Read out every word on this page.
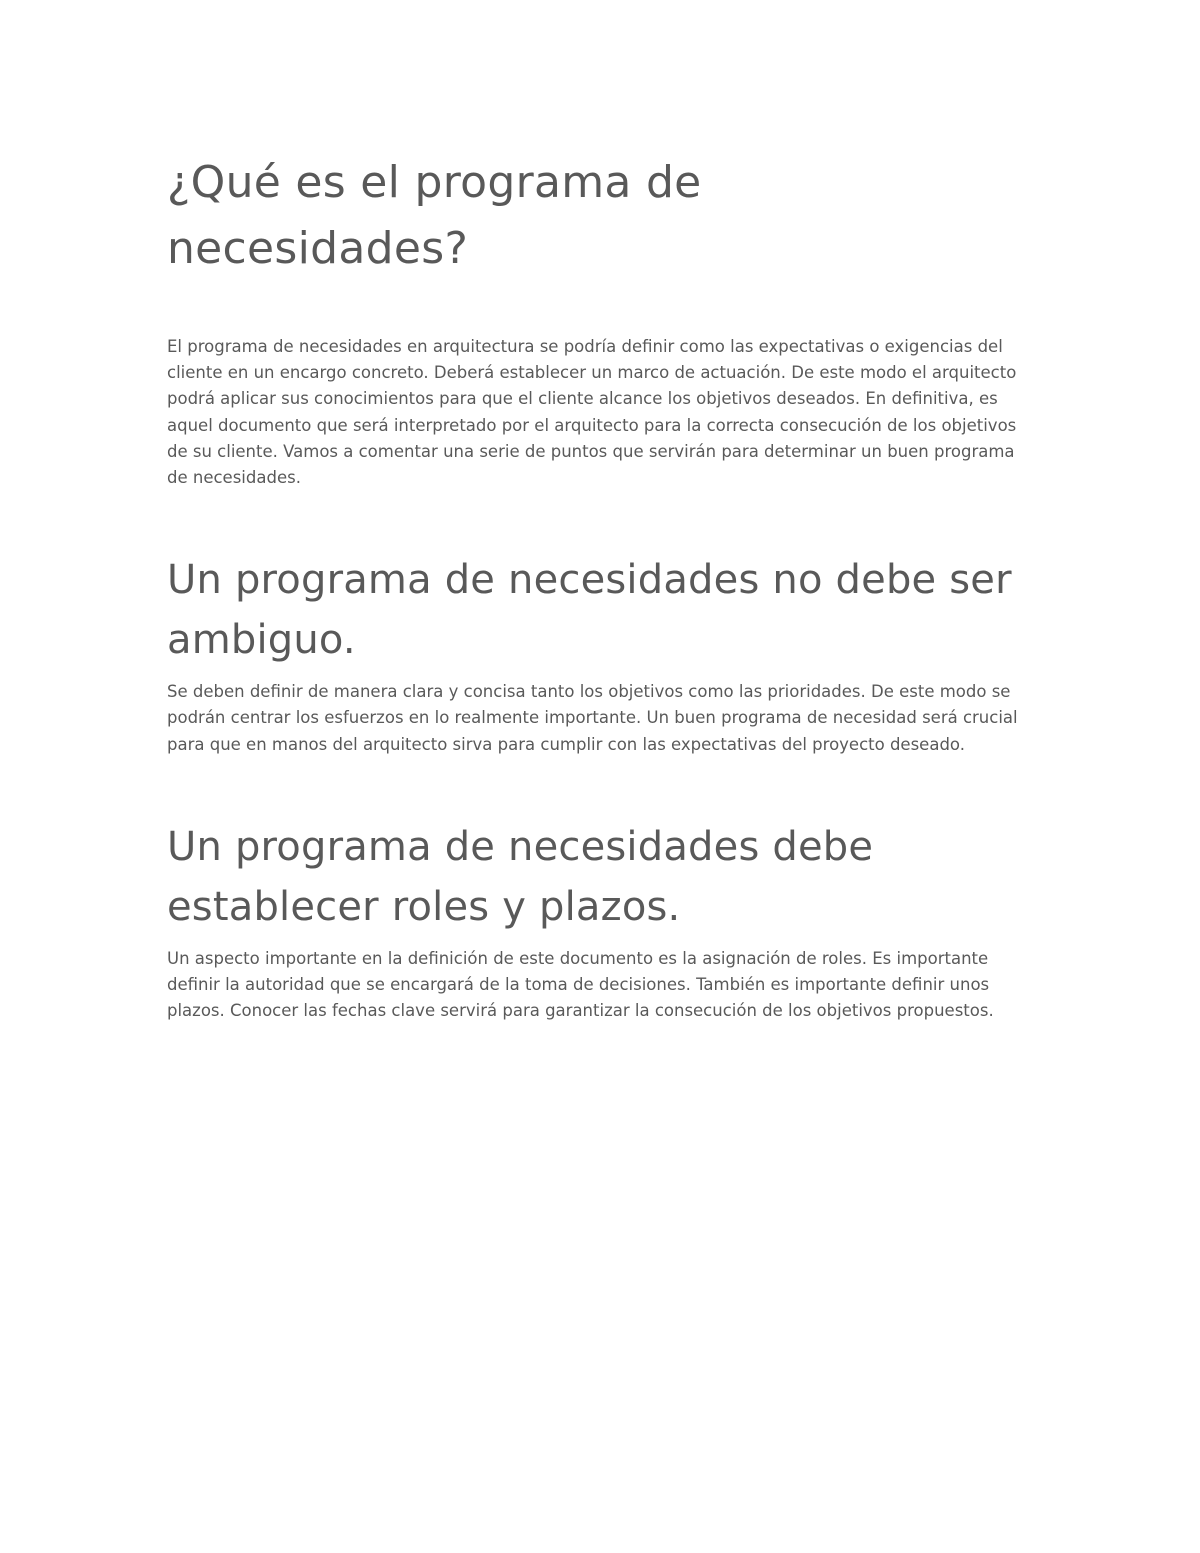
¿Qué es el programa de necesidades?

El programa de necesidades en arquitectura se podría definir como las expectativas o exigencias del cliente en un encargo concreto. Deberá establecer un marco de actuación. De este modo el arquitecto podrá aplicar sus conocimientos para que el cliente alcance los objetivos deseados. En definitiva, es aquel documento que será interpretado por el arquitecto para la correcta consecución de los objetivos de su cliente. Vamos a comentar una serie de puntos que servirán para determinar un buen programa de necesidades.

Un programa de necesidades no debe ser ambiguo.

Se deben definir de manera clara y concisa tanto los objetivos como las prioridades. De este modo se podrán centrar los esfuerzos en lo realmente importante. Un buen programa de necesidad será crucial para que en manos del arquitecto sirva para cumplir con las expectativas del proyecto deseado.

Un programa de necesidades debe establecer roles y plazos.

Un aspecto importante en la definición de este documento es la asignación de roles. Es importante definir la autoridad que se encargará de la toma de decisiones. También es importante definir unos plazos. Conocer las fechas clave servirá para garantizar la consecución de los objetivos propuestos.
